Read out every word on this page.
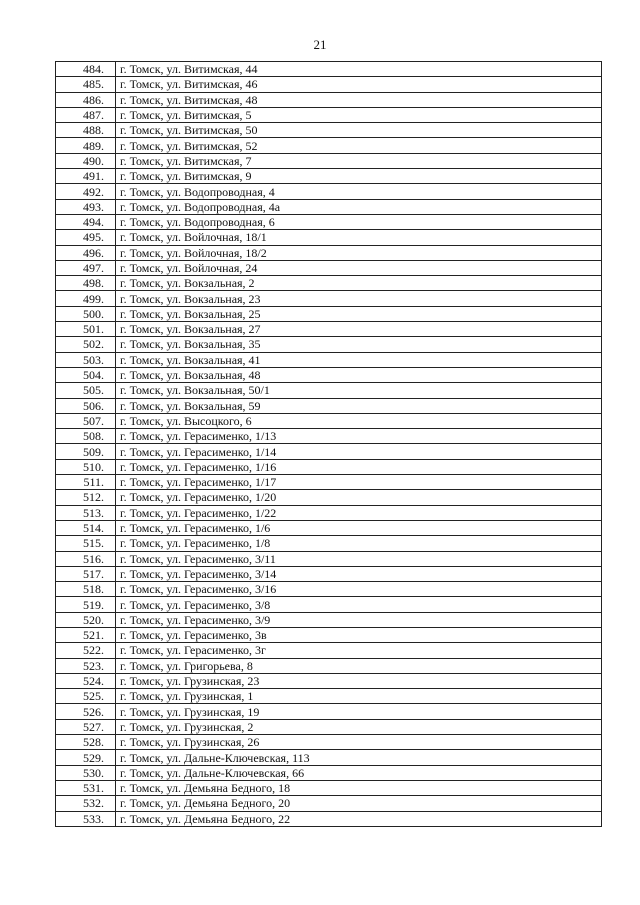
21
484.	г. Томск, ул. Витимская, 44
485.	г. Томск, ул. Витимская, 46
486.	г. Томск, ул. Витимская, 48
487.	г. Томск, ул. Витимская, 5
488.	г. Томск, ул. Витимская, 50
489.	г. Томск, ул. Витимская, 52
490.	г. Томск, ул. Витимская, 7
491.	г. Томск, ул. Витимская, 9
492.	г. Томск, ул. Водопроводная, 4
493.	г. Томск, ул. Водопроводная, 4а
494.	г. Томск, ул. Водопроводная, 6
495.	г. Томск, ул. Войлочная, 18/1
496.	г. Томск, ул. Войлочная, 18/2
497.	г. Томск, ул. Войлочная, 24
498.	г. Томск, ул. Вокзальная, 2
499.	г. Томск, ул. Вокзальная, 23
500.	г. Томск, ул. Вокзальная, 25
501.	г. Томск, ул. Вокзальная, 27
502.	г. Томск, ул. Вокзальная, 35
503.	г. Томск, ул. Вокзальная, 41
504.	г. Томск, ул. Вокзальная, 48
505.	г. Томск, ул. Вокзальная, 50/1
506.	г. Томск, ул. Вокзальная, 59
507.	г. Томск, ул. Высоцкого, 6
508.	г. Томск, ул. Герасименко, 1/13
509.	г. Томск, ул. Герасименко, 1/14
510.	г. Томск, ул. Герасименко, 1/16
511.	г. Томск, ул. Герасименко, 1/17
512.	г. Томск, ул. Герасименко, 1/20
513.	г. Томск, ул. Герасименко, 1/22
514.	г. Томск, ул. Герасименко, 1/6
515.	г. Томск, ул. Герасименко, 1/8
516.	г. Томск, ул. Герасименко, 3/11
517.	г. Томск, ул. Герасименко, 3/14
518.	г. Томск, ул. Герасименко, 3/16
519.	г. Томск, ул. Герасименко, 3/8
520.	г. Томск, ул. Герасименко, 3/9
521.	г. Томск, ул. Герасименко, 3в
522.	г. Томск, ул. Герасименко, 3г
523.	г. Томск, ул. Григорьева, 8
524.	г. Томск, ул. Грузинская, 23
525.	г. Томск, ул. Грузинская, 1
526.	г. Томск, ул. Грузинская, 19
527.	г. Томск, ул. Грузинская, 2
528.	г. Томск, ул. Грузинская, 26
529.	г. Томск, ул. Дальне-Ключевская, 113
530.	г. Томск, ул. Дальне-Ключевская, 66
531.	г. Томск, ул. Демьяна Бедного, 18
532.	г. Томск, ул. Демьяна Бедного, 20
533.	г. Томск, ул. Демьяна Бедного, 22
